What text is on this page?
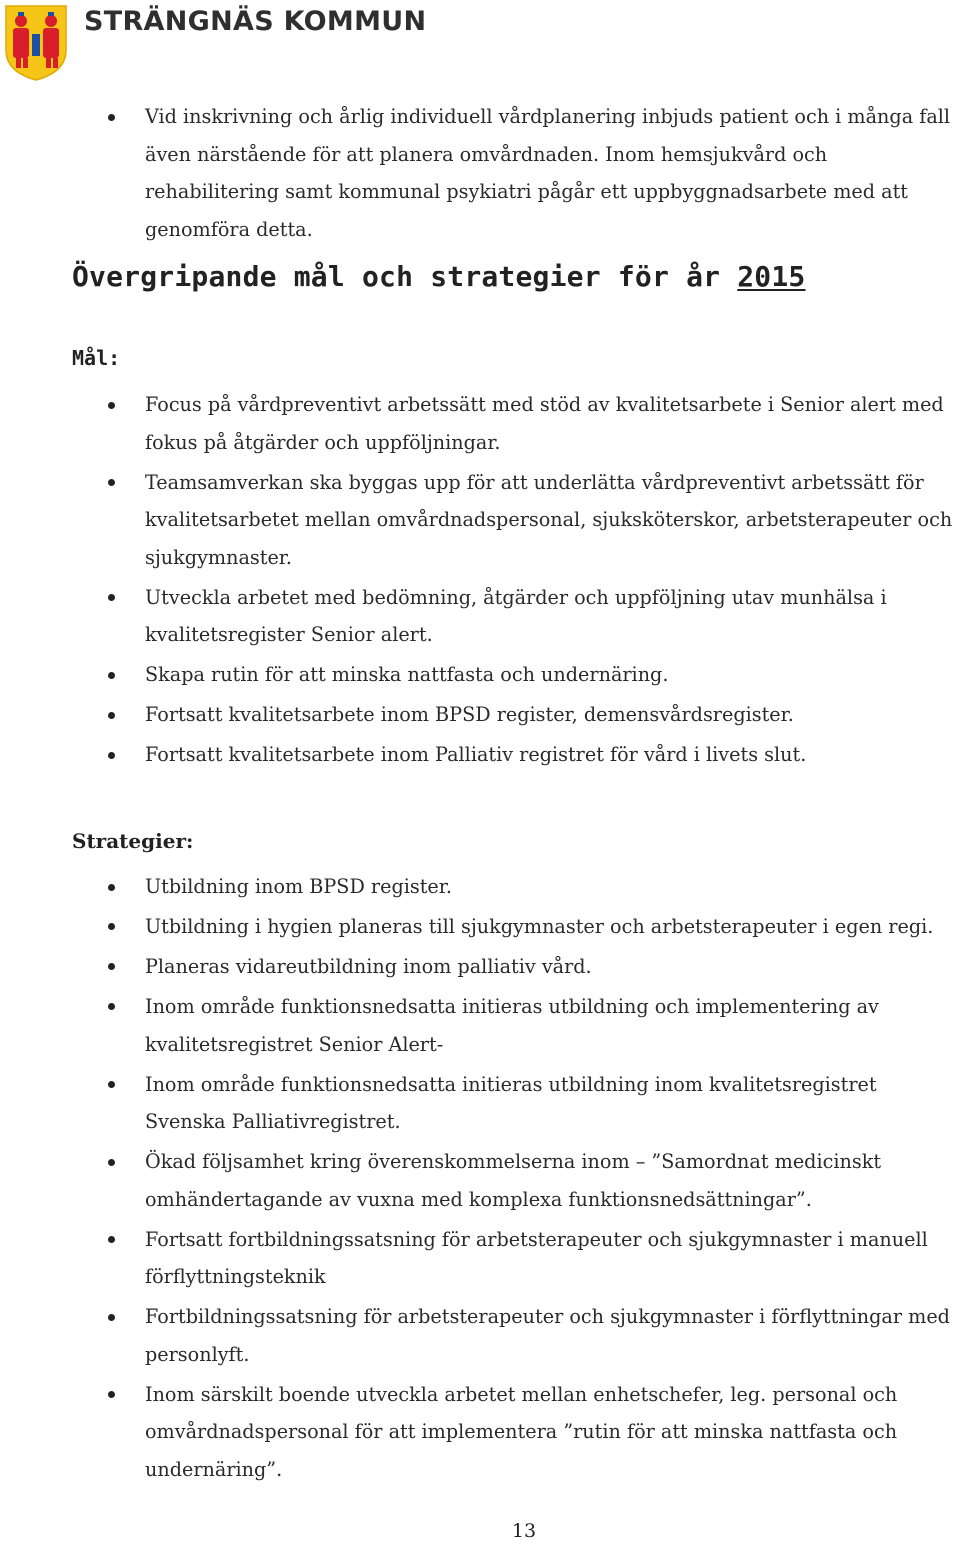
STRÄNGNÄS KOMMUN
Vid inskrivning och årlig individuell vårdplanering inbjuds patient och i många fall även närstående för att planera omvårdnaden. Inom hemsjukvård och rehabilitering samt kommunal psykiatri pågår ett uppbyggnadsarbete med att genomföra detta.
Övergripande mål och strategier för år 2015
Mål:
Focus på vårdpreventivt arbetssätt med stöd av kvalitetsarbete i Senior alert med fokus på åtgärder och uppföljningar.
Teamsamverkan ska byggas upp för att underlätta vårdpreventivt arbetssätt för kvalitetsarbetet mellan omvårdnadspersonal, sjuksköterskor, arbetsterapeuter och sjukgymnaster.
Utveckla arbetet med bedömning, åtgärder och uppföljning utav munhälsa i kvalitetsregister Senior alert.
Skapa rutin för att minska nattfasta och undernäring.
Fortsatt kvalitetsarbete inom BPSD register, demensvårdsregister.
Fortsatt kvalitetsarbete inom Palliativ registret för vård i livets slut.
Strategier:
Utbildning inom BPSD register.
Utbildning i hygien planeras till sjukgymnaster och arbetsterapeuter i egen regi.
Planeras vidareutbildning inom palliativ vård.
Inom område funktionsnedsatta initieras utbildning och implementering av kvalitetsregistret Senior Alert-
Inom område funktionsnedsatta initieras utbildning inom kvalitetsregistret Svenska Palliativregistret.
Ökad följsamhet kring överenskommelserna inom – ”Samordnat medicinskt omhändertagande av vuxna med komplexa funktionsnedsättningar”.
Fortsatt fortbildningssatsning för arbetsterapeuter och sjukgymnaster i manuell förflyttningsteknik
Fortbildningssatsning för arbetsterapeuter och sjukgymnaster i förflyttningar med personlyft.
Inom särskilt boende utveckla arbetet mellan enhetschefer, leg. personal och omvårdnadspersonal för att implementera ”rutin för att minska nattfasta och undernäring”.
13
